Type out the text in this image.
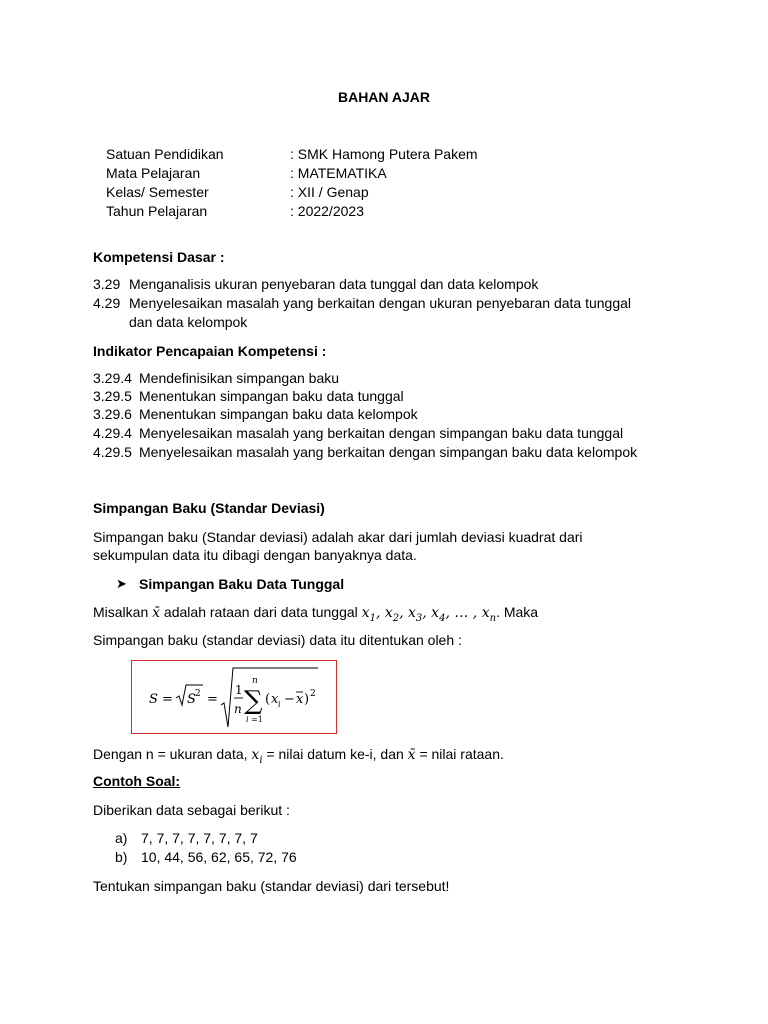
BAHAN AJAR
Satuan Pendidikan	: SMK Hamong Putera Pakem
Mata Pelajaran	: MATEMATIKA
Kelas/ Semester	: XII / Genap
Tahun Pelajaran	: 2022/2023
Kompetensi Dasar :
3.29 Menganalisis ukuran penyebaran data tunggal dan data kelompok
4.29 Menyelesaikan masalah yang berkaitan dengan ukuran penyebaran data tunggal
dan data kelompok
Indikator Pencapaian Kompetensi :
3.29.4 Mendefinisikan simpangan baku
3.29.5 Menentukan simpangan baku data tunggal
3.29.6 Menentukan simpangan baku data kelompok
4.29.4 Menyelesaikan masalah yang berkaitan dengan simpangan baku data tunggal
4.29.5 Menyelesaikan masalah yang berkaitan dengan simpangan baku data kelompok
Simpangan Baku (Standar Deviasi)
Simpangan baku (Standar deviasi) adalah akar dari jumlah deviasi kuadrat dari
sekumpulan data itu dibagi dengan banyaknya data.
➤ Simpangan Baku Data Tunggal
Misalkan x̄ adalah rataan dari data tunggal $x_1$, $x_2$, $x_3$, $x_4$, … , $x_n$. Maka
Simpangan baku (standar deviasi) data itu ditentukan oleh :
S = S 2 =
1
n
n
∑
i =1
( x i − x ) 2
Dengan n = ukuran data, $x_i$ = nilai datum ke-i, dan x̄ = nilai rataan.
Contoh Soal:
Diberikan data sebagai berikut :
a) 7, 7, 7, 7, 7, 7, 7, 7
b) 10, 44, 56, 62, 65, 72, 76
Tentukan simpangan baku (standar deviasi) dari tersebut!
